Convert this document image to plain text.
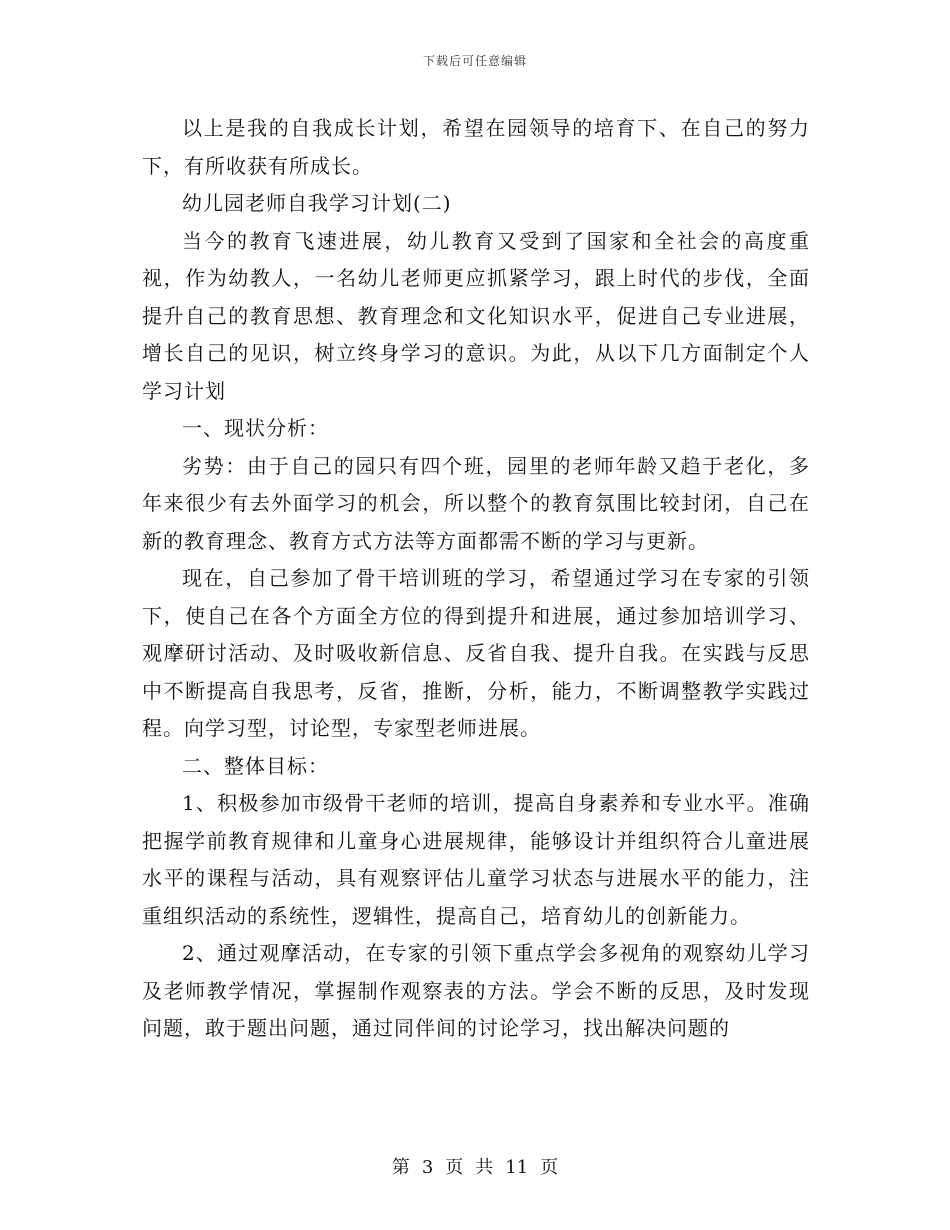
下载后可任意编辑

以上是我的自我成长计划，希望在园领导的培育下、在自己的努力下，有所收获有所成长。

幼儿园老师自我学习计划(二)

当今的教育飞速进展，幼儿教育又受到了国家和全社会的高度重视，作为幼教人，一名幼儿老师更应抓紧学习，跟上时代的步伐，全面提升自己的教育思想、教育理念和文化知识水平，促进自己专业进展，增长自己的见识，树立终身学习的意识。为此，从以下几方面制定个人学习计划

一、现状分析：

劣势：由于自己的园只有四个班，园里的老师年龄又趋于老化，多年来很少有去外面学习的机会，所以整个的教育氛围比较封闭，自己在新的教育理念、教育方式方法等方面都需不断的学习与更新。

现在，自己参加了骨干培训班的学习，希望通过学习在专家的引领下，使自己在各个方面全方位的得到提升和进展，通过参加培训学习、观摩研讨活动、及时吸收新信息、反省自我、提升自我。在实践与反思中不断提高自我思考，反省，推断，分析，能力，不断调整教学实践过程。向学习型，讨论型，专家型老师进展。

二、整体目标：

1、积极参加市级骨干老师的培训，提高自身素养和专业水平。准确把握学前教育规律和儿童身心进展规律，能够设计并组织符合儿童进展水平的课程与活动，具有观察评估儿童学习状态与进展水平的能力，注重组织活动的系统性，逻辑性，提高自己，培育幼儿的创新能力。

2、通过观摩活动，在专家的引领下重点学会多视角的观察幼儿学习及老师教学情况，掌握制作观察表的方法。学会不断的反思，及时发现问题，敢于题出问题，通过同伴间的讨论学习，找出解决问题的

第 3 页 共 11 页
